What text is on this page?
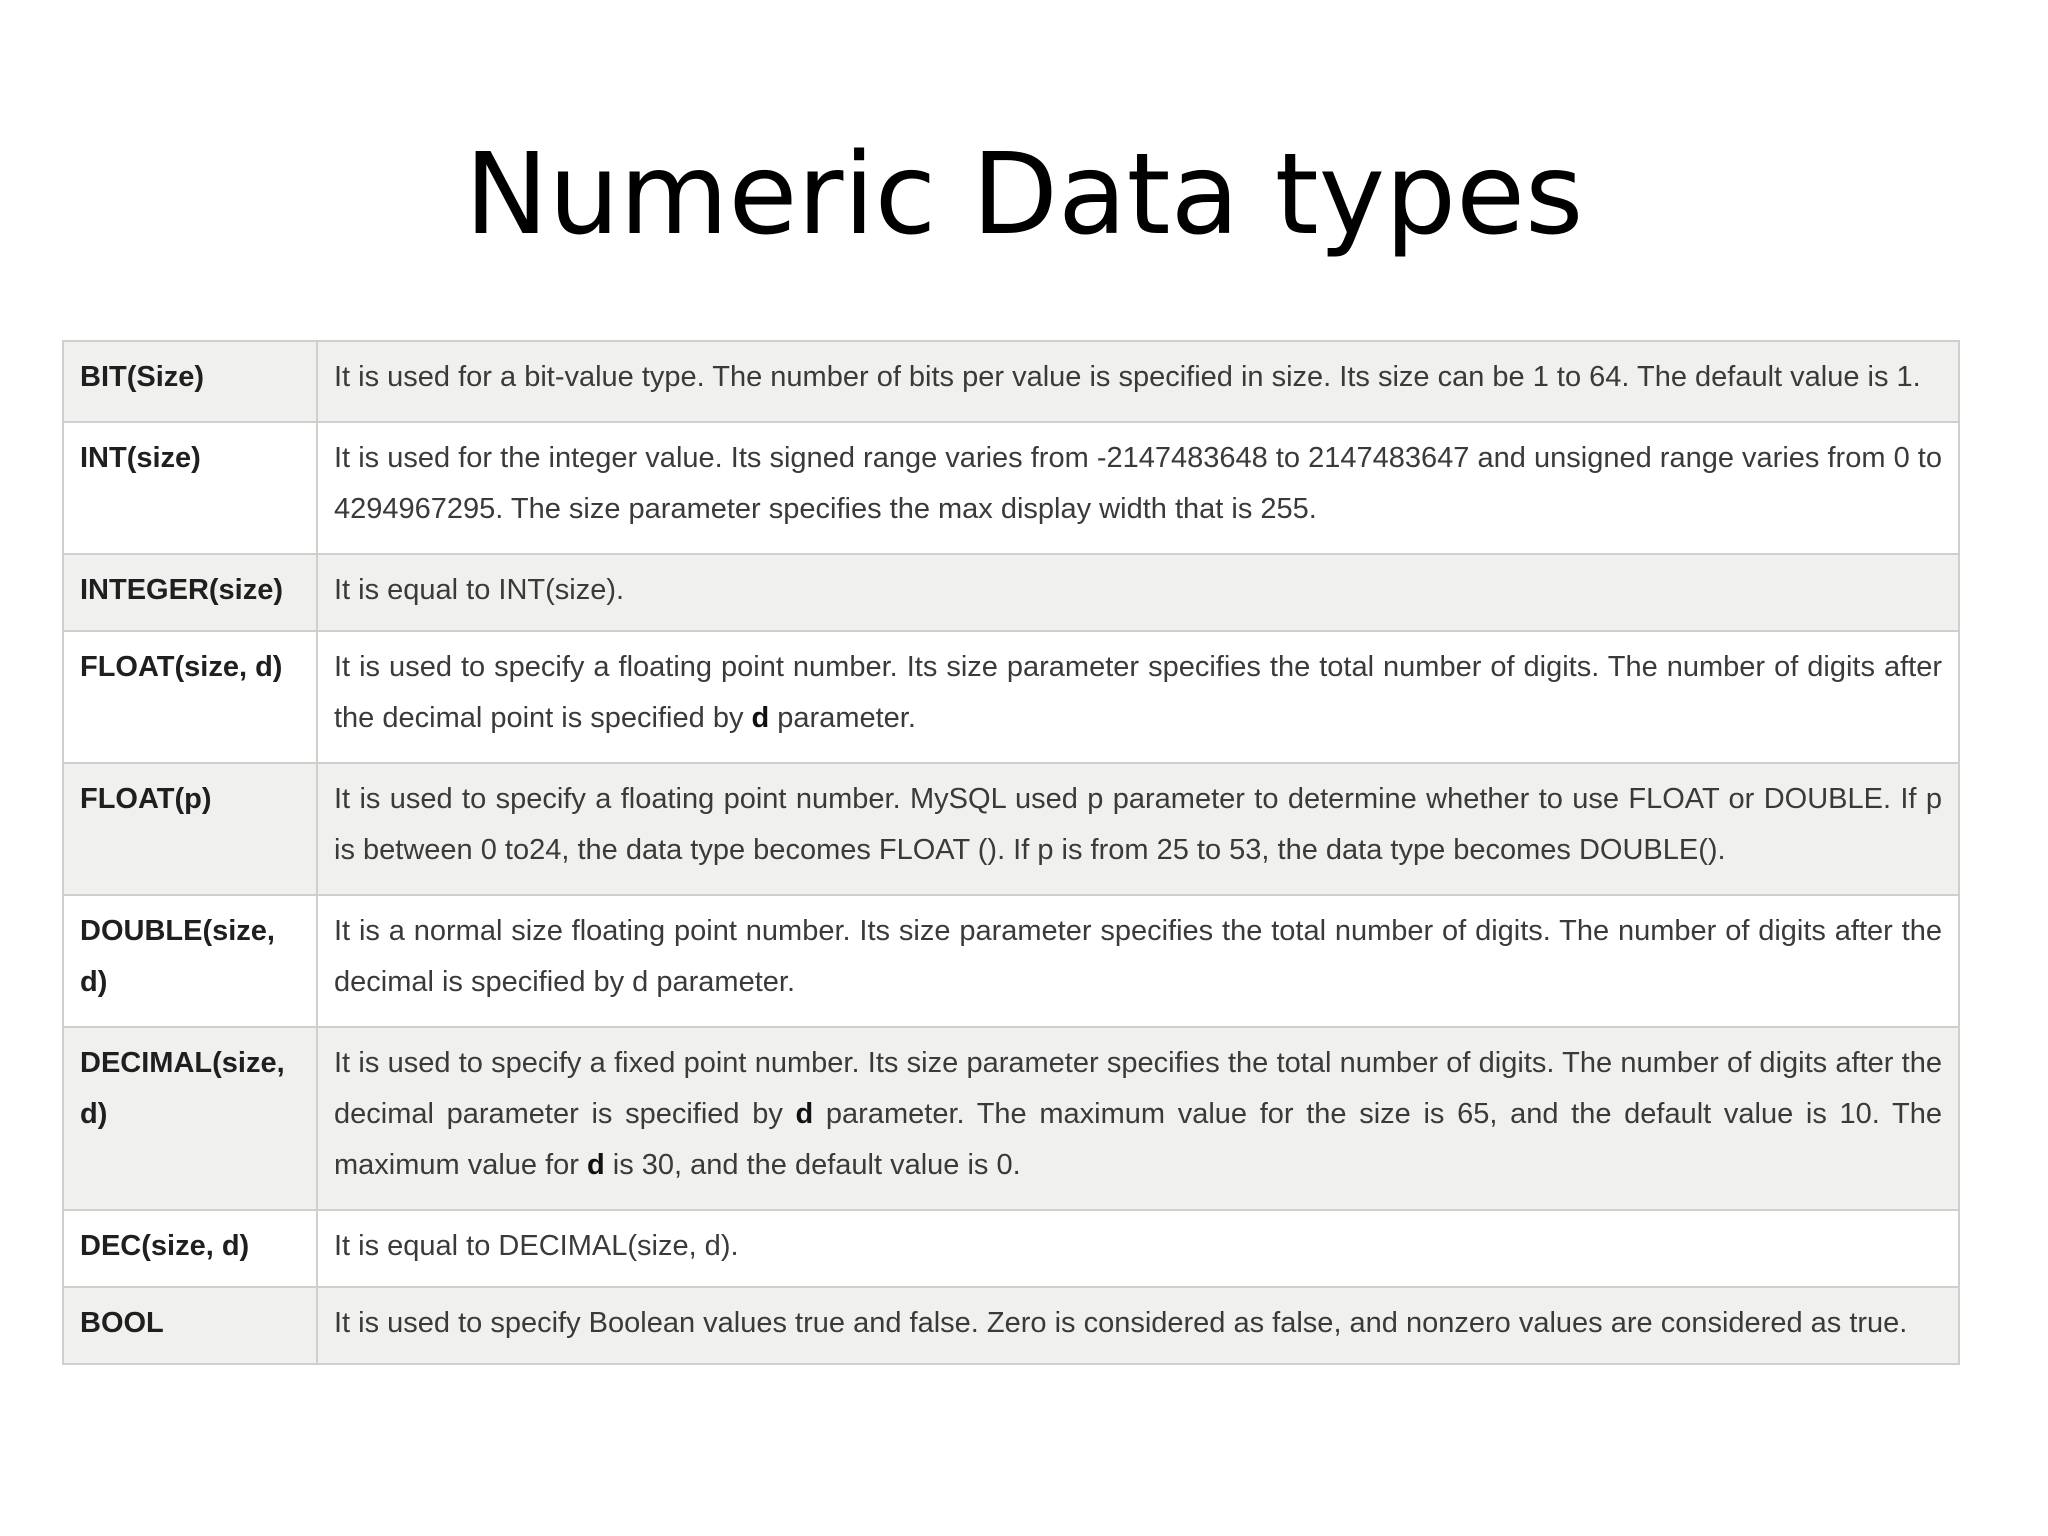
Numeric Data types
BIT(Size)	It is used for a bit-value type. The number of bits per value is specified in size. Its size can be 1 to 64. The default value is 1.
INT(size)	It is used for the integer value. Its signed range varies from -2147483648 to 2147483647 and unsigned range varies from 0 to 4294967295. The size parameter specifies the max display width that is 255.
INTEGER(size)	It is equal to INT(size).
FLOAT(size, d)	It is used to specify a floating point number. Its size parameter specifies the total number of digits. The number of digits after the decimal point is specified by d parameter.
FLOAT(p)	It is used to specify a floating point number. MySQL used p parameter to determine whether to use FLOAT or DOUBLE. If p is between 0 to24, the data type becomes FLOAT (). If p is from 25 to 53, the data type becomes DOUBLE().
DOUBLE(size, d)	It is a normal size floating point number. Its size parameter specifies the total number of digits. The number of digits after the decimal is specified by d parameter.
DECIMAL(size, d)	It is used to specify a fixed point number. Its size parameter specifies the total number of digits. The number of digits after the decimal parameter is specified by d parameter. The maximum value for the size is 65, and the default value is 10. The maximum value for d is 30, and the default value is 0.
DEC(size, d)	It is equal to DECIMAL(size, d).
BOOL	It is used to specify Boolean values true and false. Zero is considered as false, and nonzero values are considered as true.
